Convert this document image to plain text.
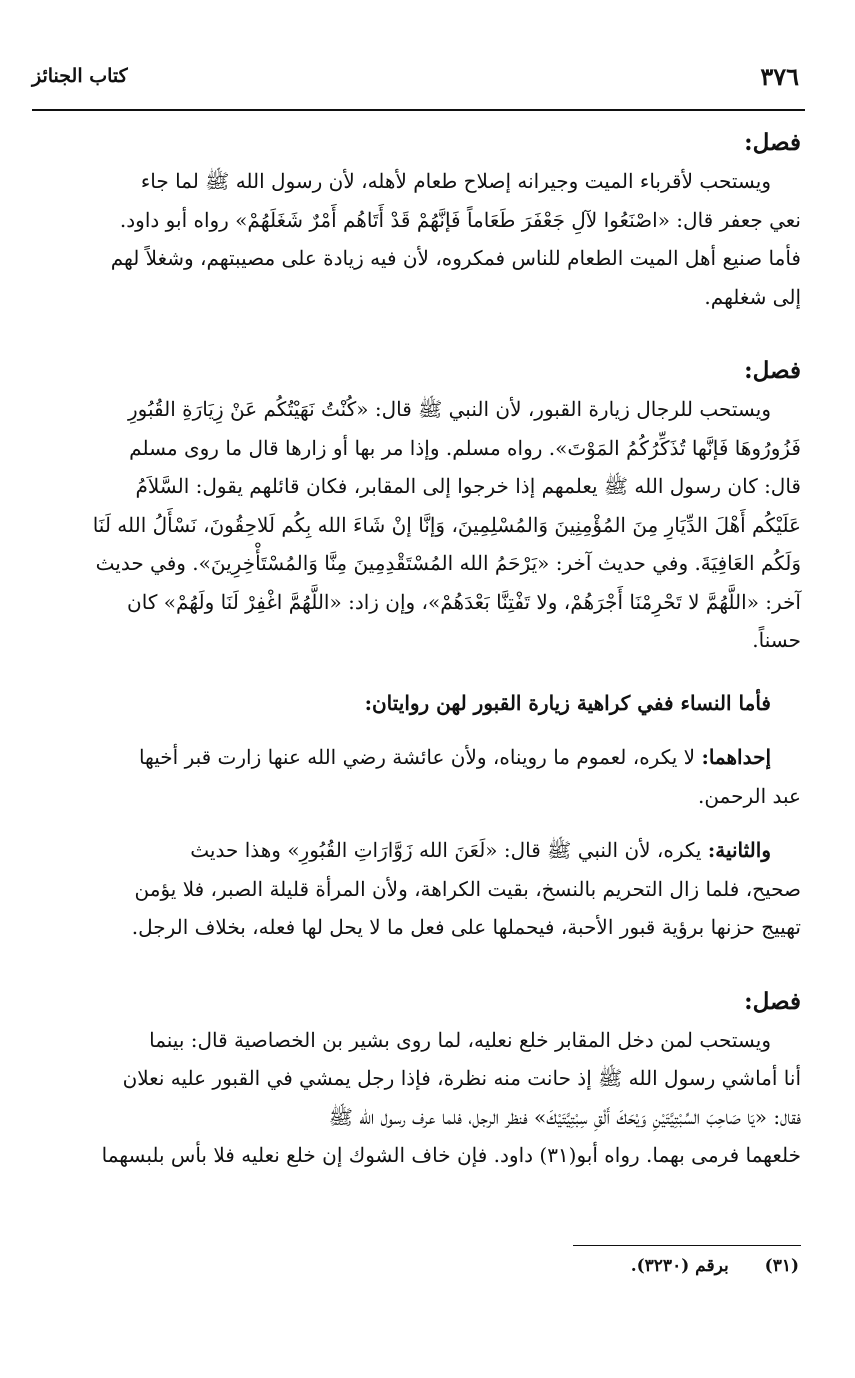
٣٧٦
كتاب الجنائز
فصل:

ويستحب لأقرباء الميت وجيرانه إصلاح طعام لأهله، لأن رسول الله ﷺ لما جاء

نعي جعفر قال: «اصْنَعُوا لآلِ جَعْفَرَ طَعَاماً فَإنَّهُمْ قَدْ أَتَاهُم أَمْرٌ شَغَلَهُمْ» رواه أبو داود.

فأما صنيع أهل الميت الطعام للناس فمكروه، لأن فيه زيادة على مصيبتهم، وشغلاً لهم

إلى شغلهم.

فصل:

ويستحب للرجال زيارة القبور، لأن النبي ﷺ قال: «كُنْتُ نَهَيْتُكُم عَنْ زِيَارَةِ القُبُورِ

فَزُورُوهَا فَإنَّها تُذَكِّرُكُمُ المَوْتَ». رواه مسلم. وإذا مر بها أو زارها قال ما روى مسلم

قال: كان رسول الله ﷺ يعلمهم إذا خرجوا إلى المقابر، فكان قائلهم يقول: السَّلاَمُ

عَلَيْكُم أَهْلَ الدِّيَارِ مِنَ المُؤْمِنِينَ وَالمُسْلِمِينَ، وَإنَّا إنْ شَاءَ الله بِكُم لَلاحِقُونَ، نَسْأَلُ الله لَنَا

وَلَكُم العَافِيَةَ. وفي حديث آخر: «يَرْحَمُ الله المُسْتَقْدِمِينَ مِنَّا وَالمُسْتَأْخِرِينَ». وفي حديث

آخر: «اللَّهُمَّ لا تَحْرِمْنَا أَجْرَهُمْ، ولا تَفْتِنَّا بَعْدَهُمْ»، وإن زاد: «اللَّهُمَّ اغْفِرْ لَنَا ولَهُمْ» كان

حسناً.

فأما النساء ففي كراهية زيارة القبور لهن روايتان:

إحداهما: لا يكره، لعموم ما رويناه، ولأن عائشة رضي الله عنها زارت قبر أخيها

عبد الرحمن.

والثانية: يكره، لأن النبي ﷺ قال: «لَعَنَ الله زَوَّارَاتِ القُبُورِ» وهذا حديث

صحيح، فلما زال التحريم بالنسخ، بقيت الكراهة، ولأن المرأة قليلة الصبر، فلا يؤمن

تهييج حزنها برؤية قبور الأحبة، فيحملها على فعل ما لا يحل لها فعله، بخلاف الرجل.

فصل:

ويستحب لمن دخل المقابر خلع نعليه، لما روى بشير بن الخصاصية قال: بينما

أنا أماشي رسول الله ﷺ إذ حانت منه نظرة، فإذا رجل يمشي في القبور عليه نعلان

فقال: «يَا صَاحِبَ السِّبْتِيَّتَيْنِ وَيْحَكَ أَلْقِ سِبْتِيَّتَيْكَ» فنظر الرجل، فلما عرف رسول الله ﷺ

خلعهما فرمى بهما. رواه أبو(٣١) داود. فإن خاف الشوك إن خلع نعليه فلا بأس بلبسهما

(٣١) برقم (٣٢٣٠).
